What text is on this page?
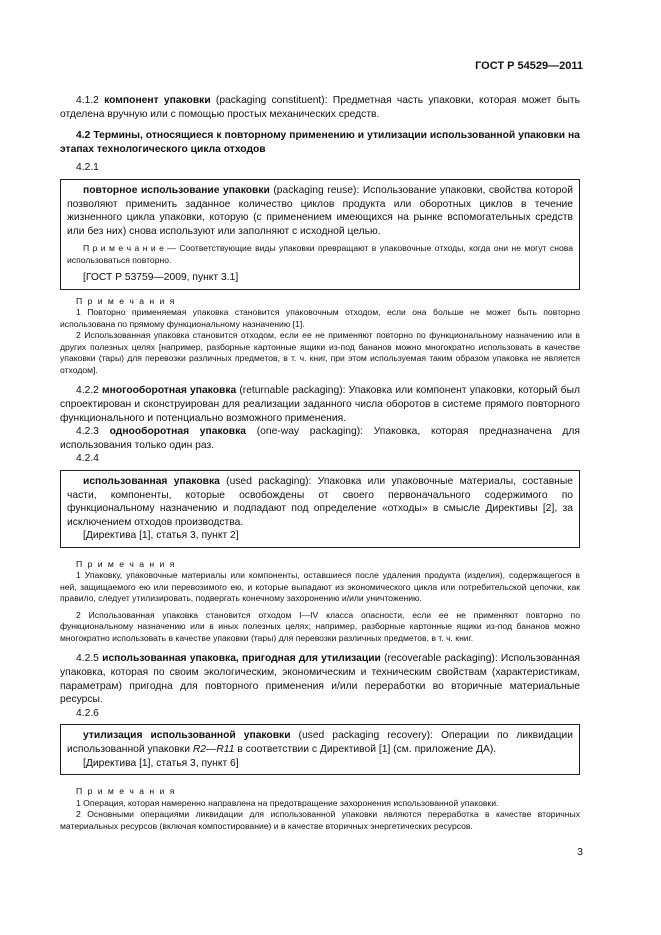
ГОСТ Р 54529—2011

4.1.2 компонент упаковки (packaging constituent): Предметная часть упаковки, которая может быть отделена вручную или с помощью простых механических средств.

4.2 Термины, относящиеся к повторному применению и утилизации использованной упаковки на этапах технологического цикла отходов

4.2.1

повторное использование упаковки (packaging reuse): Использование упаковки, свойства которой позволяют применить заданное количество циклов продукта или оборотных циклов в течение жизненного цикла упаковки, которую (с применением имеющихся на рынке вспомогательных средств или без них) снова используют или заполняют с исходной целью.

П р и м е ч а н и е — Соответствующие виды упаковки превращают в упаковочные отходы, когда они не могут снова использоваться повторно.

[ГОСТ Р 53759—2009, пункт 3.1]

П р и м е ч а н и я

1 Повторно применяемая упаковка становится упаковочным отходом, если она больше не может быть повторно использована по прямому функциональному назначению [1].

2 Использованная упаковка становится отходом, если ее не применяют повторно по функциональному назначению или в других полезных целях [например, разборные картонные ящики из-под бананов можно многократно использовать в качестве упаковки (тары) для перевозки различных предметов, в т. ч. книг, при этом используемая таким образом упаковка не является отходом].

4.2.2 многооборотная упаковка (returnable packaging): Упаковка или компонент упаковки, который был спроектирован и сконструирован для реализации заданного числа оборотов в системе прямого повторного функционального и потенциально возможного применения.

4.2.3 однооборотная упаковка (one-way packaging): Упаковка, которая предназначена для использования только один раз.

4.2.4

использованная упаковка (used packaging): Упаковка или упаковочные материалы, составные части, компоненты, которые освобождены от своего первоначального содержимого по функциональному назначению и подпадают под определение «отходы» в смысле Директивы [2], за исключением отходов производства.

[Директива [1], статья 3, пункт 2]

П р и м е ч а н и я

1 Упаковку, упаковочные материалы или компоненты, оставшиеся после удаления продукта (изделия), содержащегося в ней, защищаемого ею или перевозимого ею, и которые выпадают из экономического цикла или потребительской цепочки, как правило, следует утилизировать, подвергать конечному захоронению и/или уничтожению.

2 Использованная упаковка становится отходом I—IV класса опасности, если ее не применяют повторно по функциональному назначению или в иных полезных целях; например, разборные картонные ящики из-под бананов можно многократно использовать в качестве упаковки (тары) для перевозки различных предметов, в т. ч. книг.

4.2.5 использованная упаковка, пригодная для утилизации (recoverable packaging): Использованная упаковка, которая по своим экологическим, экономическим и техническим свойствам (характеристикам, параметрам) пригодна для повторного применения и/или переработки во вторичные материальные ресурсы.

4.2.6

утилизация использованной упаковки (used packaging recovery): Операции по ликвидации использованной упаковки R2—R11 в соответствии с Директивой [1] (см. приложение ДА).

[Директива [1], статья 3, пункт 6]

П р и м е ч а н и я

1 Операция, которая намеренно направлена на предотвращение захоронения использованной упаковки.

2 Основными операциями ликвидации для использованной упаковки являются переработка в качестве вторичных материальных ресурсов (включая компостирование) и в качестве вторичных энергетических ресурсов.

3
